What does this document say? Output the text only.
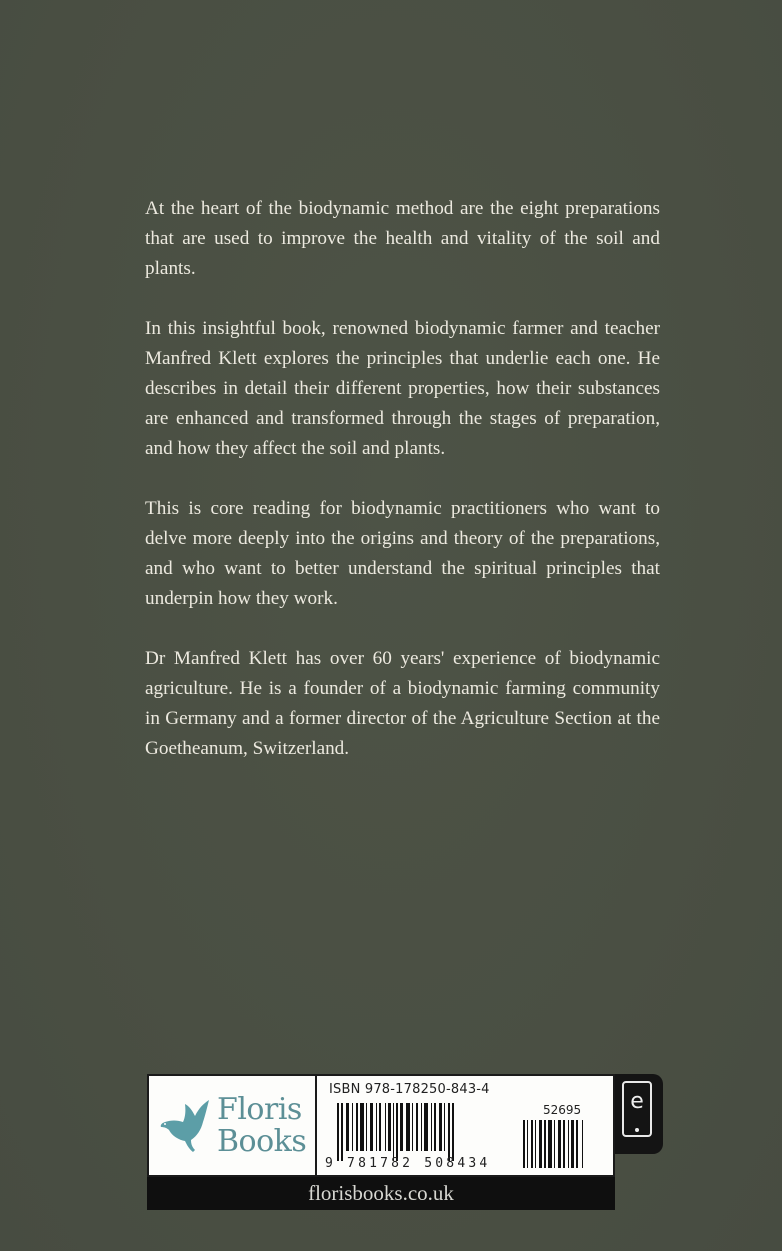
At the heart of the biodynamic method are the eight preparations that are used to improve the health and vitality of the soil and plants.

In this insightful book, renowned biodynamic farmer and teacher Manfred Klett explores the principles that underlie each one. He describes in detail their different properties, how their substances are enhanced and transformed through the stages of preparation, and how they affect the soil and plants.

This is core reading for biodynamic practitioners who want to delve more deeply into the origins and theory of the preparations, and who want to better understand the spiritual principles that underpin how they work.

Dr Manfred Klett has over 60 years' experience of biodynamic agriculture. He is a founder of a biodynamic farming community in Germany and a former director of the Agriculture Section at the Goetheanum, Switzerland.

Floris
Books
ISBN 978-178250-843-4
9 781782 508434
52695 e
florisbooks.co.uk
